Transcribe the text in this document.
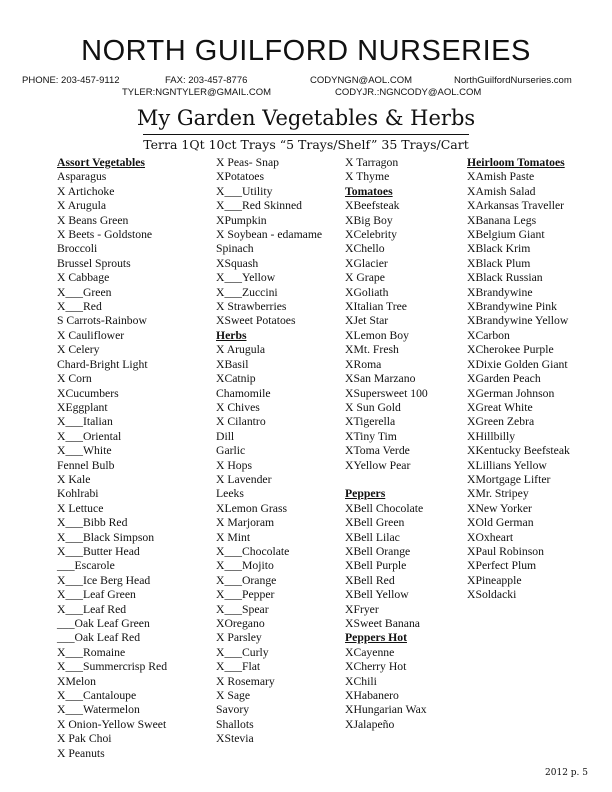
NORTH GUILFORD NURSERIES
PHONE: 203-457-9112	FAX: 203-457-8776	CODYNGN@AOL.COM	NorthGuilfordNurseries.com
TYLER:NGNTYLER@GMAIL.COM	CODYJR.:NGNCODY@AOL.COM
My Garden Vegetables & Herbs
Terra 1Qt 10ct Trays “5 Trays/Shelf” 35 Trays/Cart
Assort Vegetables
Asparagus
X Artichoke
X Arugula
X Beans Green
X Beets - Goldstone
Broccoli
Brussel Sprouts
X Cabbage
X___Green
X___Red
S Carrots-Rainbow
X Cauliflower
X Celery
Chard-Bright Light
X Corn
XCucumbers
XEggplant
X___Italian
X___Oriental
X___White
Fennel Bulb
X Kale
Kohlrabi
X Lettuce
X___Bibb Red
X___Black Simpson
X___Butter Head
___Escarole
X___Ice Berg Head
X___Leaf Green
X___Leaf Red
___Oak Leaf Green
___Oak Leaf Red
X___Romaine
X___Summercrisp Red
XMelon
X___Cantaloupe
X___Watermelon
X Onion-Yellow Sweet
X Pak Choi
X Peanuts
X Peas- Snap
XPotatoes
X___Utility
X___Red Skinned
XPumpkin
X Soybean - edamame
Spinach
XSquash
X___Yellow
X___Zuccini
X Strawberries
XSweet Potatoes
Herbs
X Arugula
XBasil
XCatnip
Chamomile
X Chives
X Cilantro
Dill
Garlic
X Hops
X Lavender
Leeks
XLemon Grass
X Marjoram
X Mint
X___Chocolate
X___Mojito
X___Orange
X___Pepper
X___Spear
XOregano
X Parsley
X___Curly
X___Flat
X Rosemary
X Sage
Savory
Shallots
XStevia
X Tarragon
X Thyme
Tomatoes
XBeefsteak
XBig Boy
XCelebrity
XChello
XGlacier
X Grape
XGoliath
XItalian Tree
XJet Star
XLemon Boy
XMt. Fresh
XRoma
XSan Marzano
XSupersweet 100
X Sun Gold
XTigerella
XTiny Tim
XToma Verde
XYellow Pear
Peppers
XBell Chocolate
XBell Green
XBell Lilac
XBell Orange
XBell Purple
XBell Red
XBell Yellow
XFryer
XSweet Banana
Peppers Hot
XCayenne
XCherry Hot
XChili
XHabanero
XHungarian Wax
XJalapeño
Heirloom Tomatoes
XAmish Paste
XAmish Salad
XArkansas Traveller
XBanana Legs
XBelgium Giant
XBlack Krim
XBlack Plum
XBlack Russian
XBrandywine
XBrandywine Pink
XBrandywine Yellow
XCarbon
XCherokee Purple
XDixie Golden Giant
XGarden Peach
XGerman Johnson
XGreat White
XGreen Zebra
XHillbilly
XKentucky Beefsteak
XLillians Yellow
XMortgage Lifter
XMr. Stripey
XNew Yorker
XOld German
XOxheart
XPaul Robinson
XPerfect Plum
XPineapple
XSoldacki
2012 p. 5
